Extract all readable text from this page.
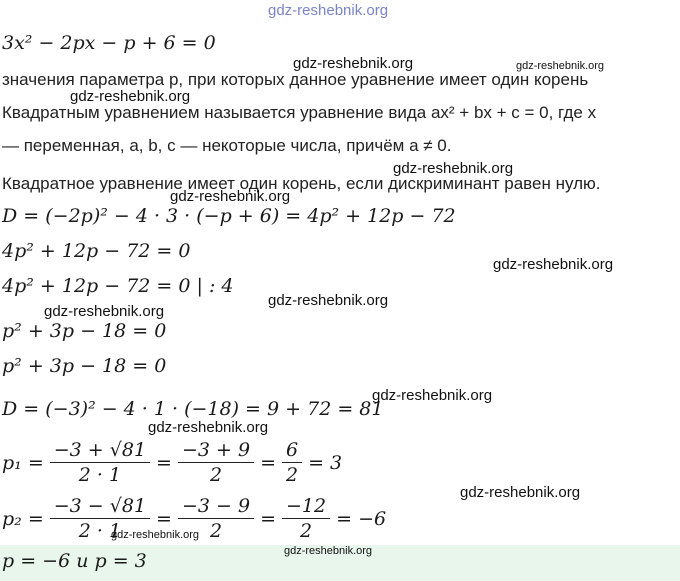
gdz-reshebnik.org
3x² − 2px − p + 6 = 0
значения параметра p, при которых данное уравнение имеет один корень
Квадратным уравнением называется уравнение вида ax² + bx + c = 0, где x
— переменная, a, b, c — некоторые числа, причём a ≠ 0.
Квадратное уравнение имеет один корень, если дискриминант равен нулю.
D = (−2p)² − 4 · 3 · (−p + 6) = 4p² + 12p − 72
4p² + 12p − 72 = 0
4p² + 12p − 72 = 0 | : 4
p² + 3p − 18 = 0
p² + 3p − 18 = 0
D = (−3)² − 4 · 1 · (−18) = 9 + 72 = 81
$p_1 = \frac{-3 + √81}{2 \cdot 1} = \frac{-3 + 9}{2} = \frac{6}{2} = 3$
$p_2 = \frac{-3 - √81}{2 \cdot 1} = \frac{-3 - 9}{2} = \frac{-12}{2} = -6$
p = −6 и p = 3
gdz-reshebnik.org	gdz-reshebnik.org
gdz-reshebnik.org
gdz-reshebnik.org
gdz-reshebnik.org
gdz-reshebnik.org
gdz-reshebnik.org
gdz-reshebnik.org
gdz-reshebnik.org
gdz-reshebnik.org
gdz-reshebnik.org
gdz-reshebnik.org
gdz-reshebnik.org
